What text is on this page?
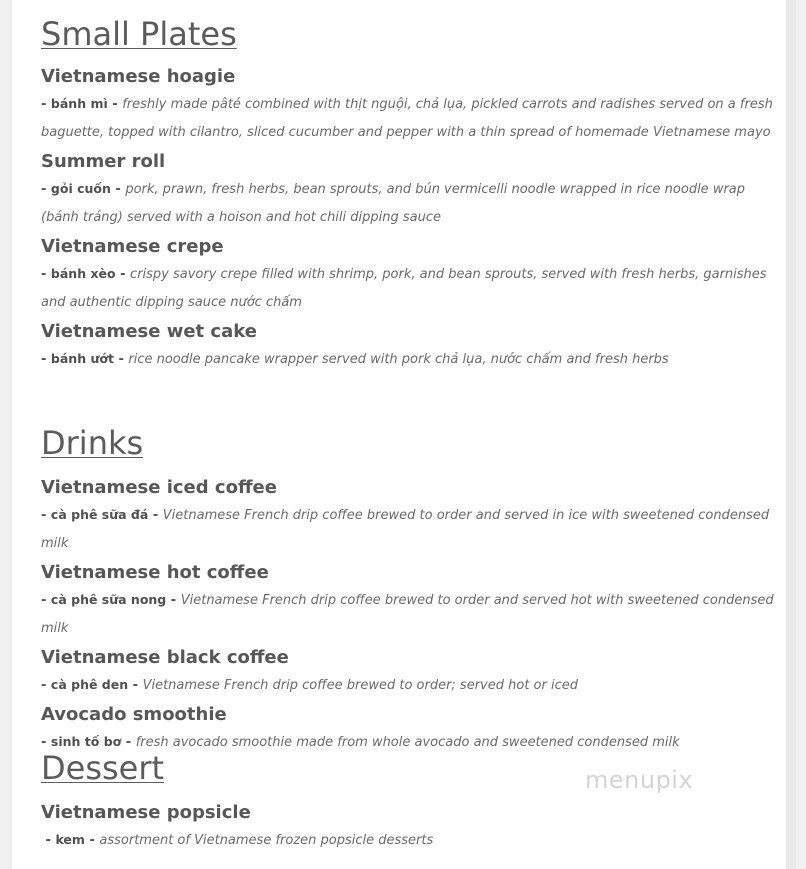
Small Plates

Vietnamese hoagie

- bánh mì - freshly made pâté combined with thịt nguội, chả lụa, pickled carrots and radishes served on a fresh baguette, topped with cilantro, sliced cucumber and pepper with a thin spread of homemade Vietnamese mayo

Summer roll

- gỏi cuốn - pork, prawn, fresh herbs, bean sprouts, and bún vermicelli noodle wrapped in rice noodle wrap (bánh tráng) served with a hoison and hot chili dipping sauce

Vietnamese crepe

- bánh xèo - crispy savory crepe filled with shrimp, pork, and bean sprouts, served with fresh herbs, garnishes and authentic dipping sauce nước chấm

Vietnamese wet cake

- bánh ướt - rice noodle pancake wrapper served with pork chả lụa, nước chấm and fresh herbs

Drinks

Vietnamese iced coffee

- cà phê sữa đá - Vietnamese French drip coffee brewed to order and served in ice with sweetened condensed milk

Vietnamese hot coffee

- cà phê sữa nong - Vietnamese French drip coffee brewed to order and served hot with sweetened condensed milk

Vietnamese black coffee

- cà phê den - Vietnamese French drip coffee brewed to order; served hot or iced

Avocado smoothie

- sinh tố bơ - fresh avocado smoothie made from whole avocado and sweetened condensed milk

Dessert

Vietnamese popsicle

- kem - assortment of Vietnamese frozen popsicle desserts

menupix
